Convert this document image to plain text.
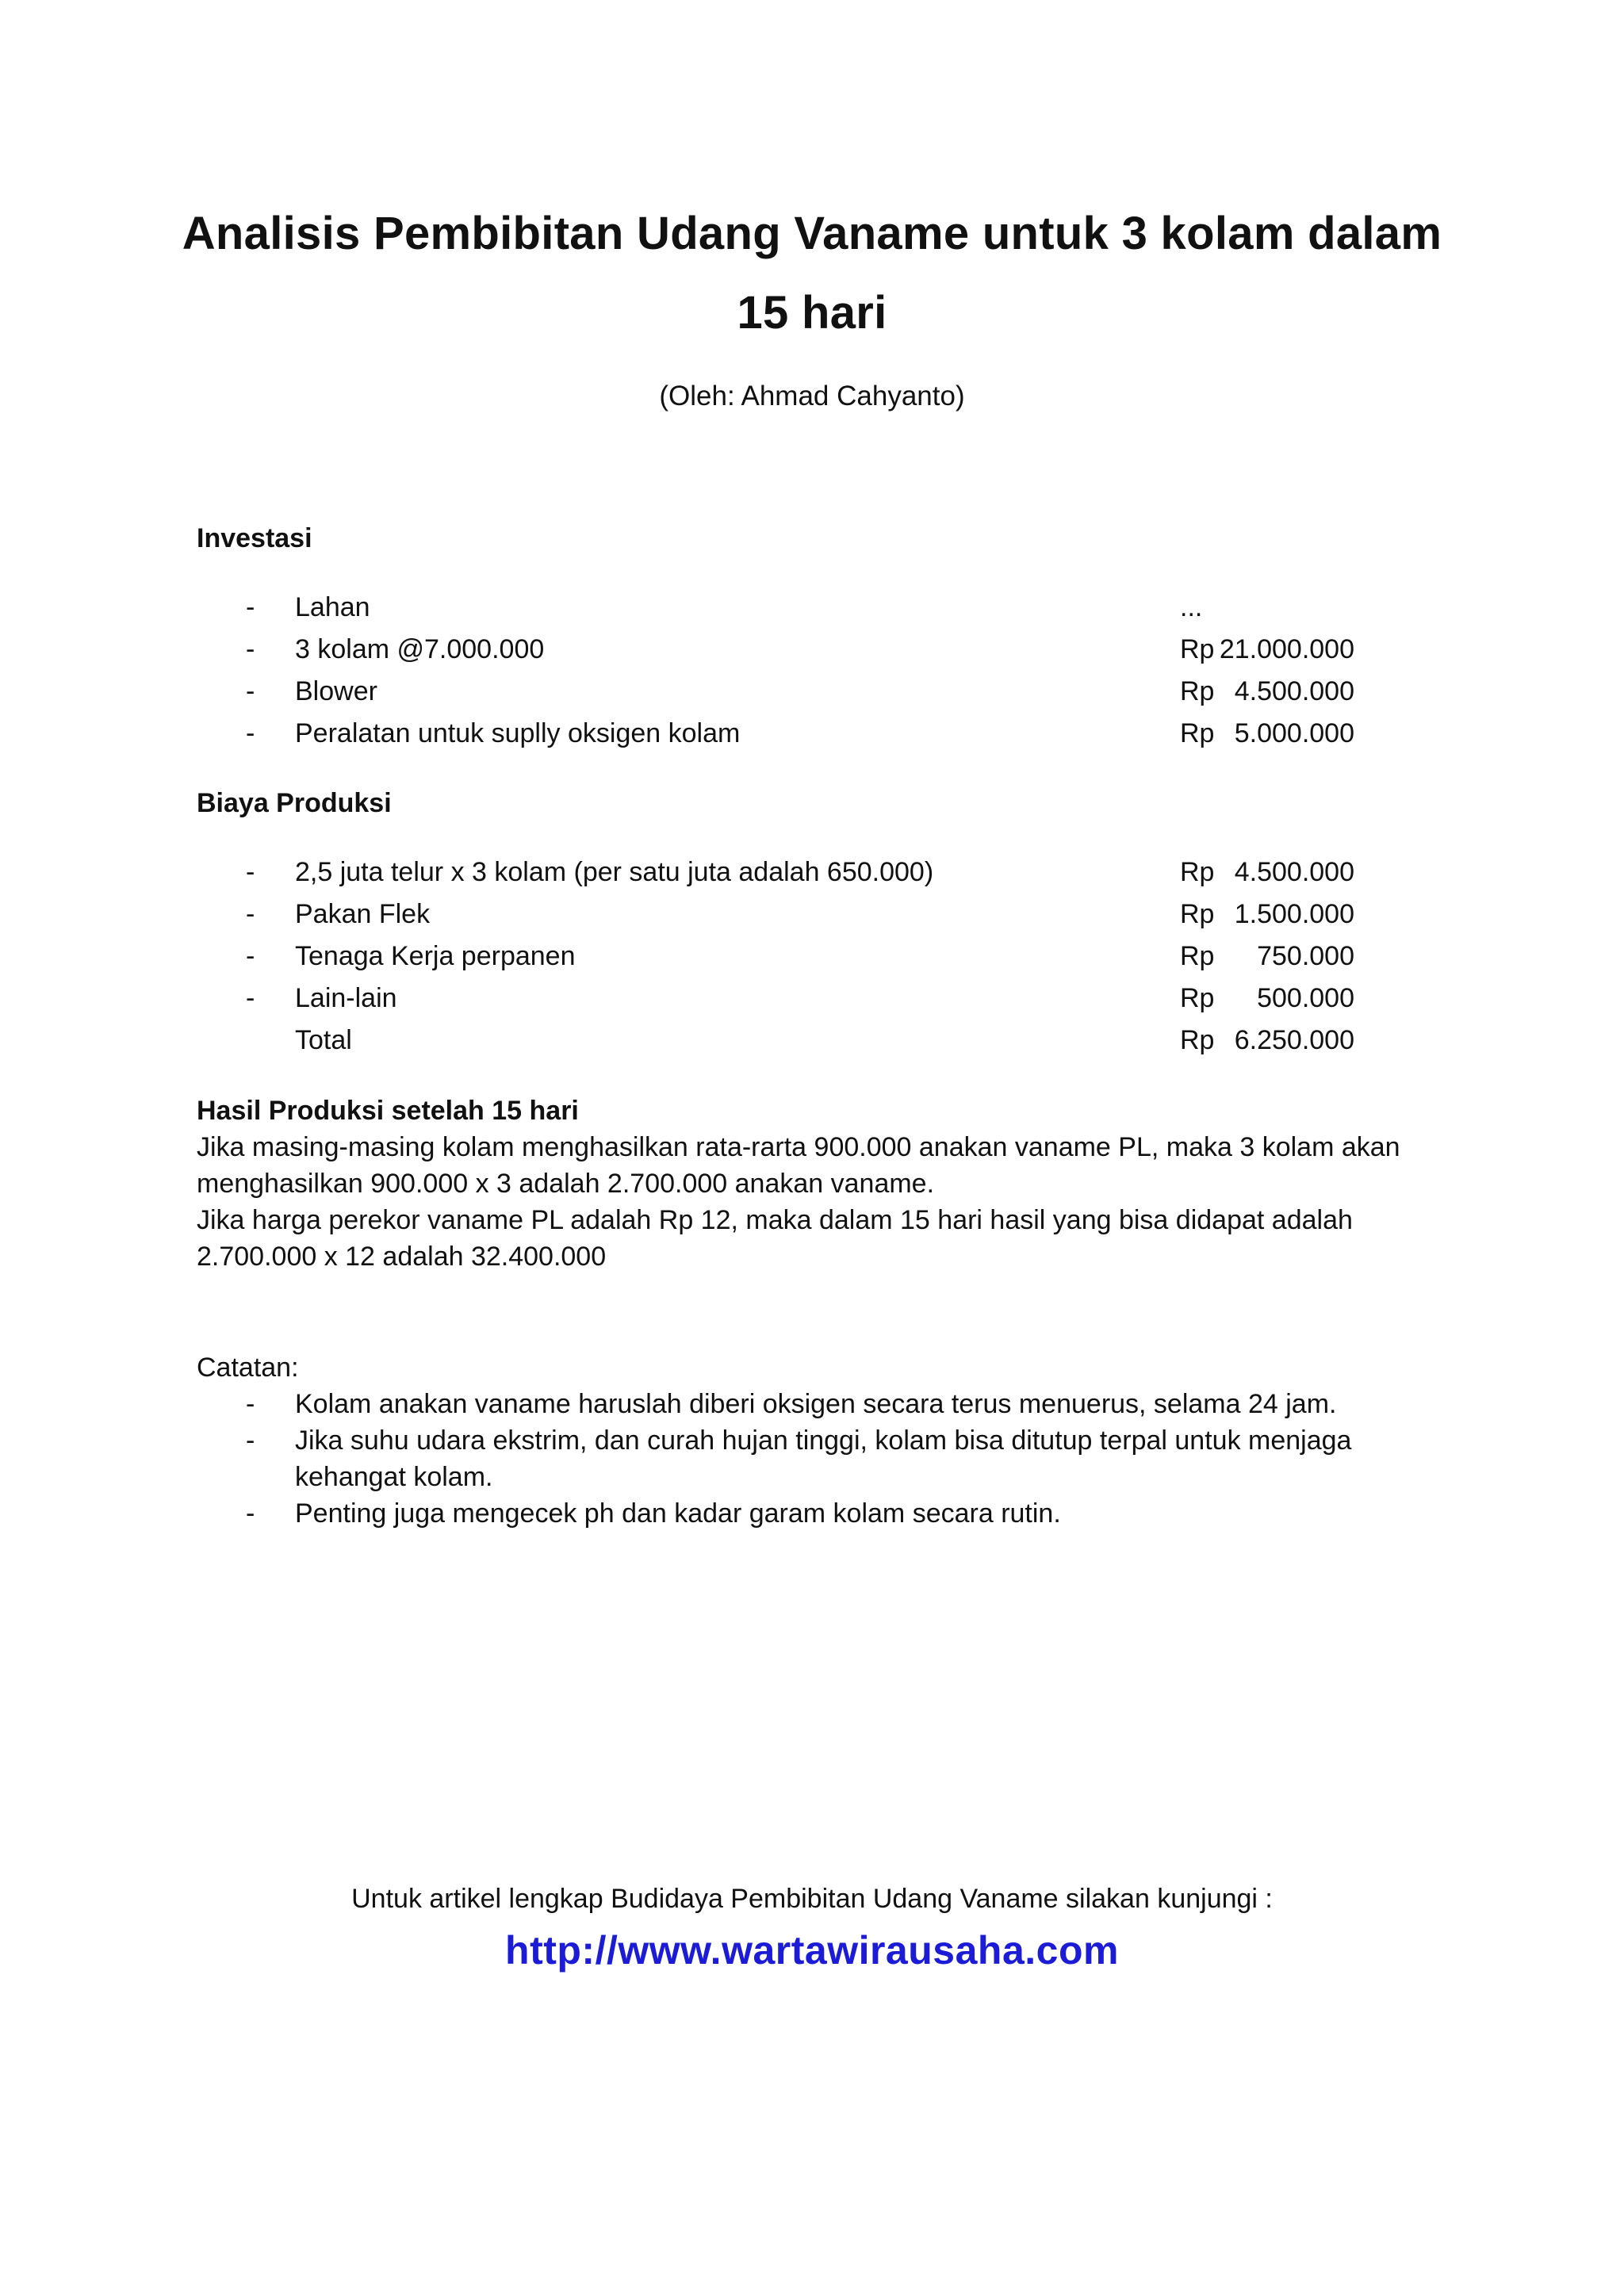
Analisis Pembibitan Udang Vaname untuk 3 kolam dalam 15 hari
(Oleh: Ahmad Cahyanto)
Investasi
- Lahan	...
- 3 kolam @7.000.000	Rp 21.000.000
- Blower	Rp 4.500.000
- Peralatan untuk suplly oksigen kolam	Rp 5.000.000
Biaya Produksi
- 2,5 juta telur x 3 kolam (per satu juta adalah 650.000)	Rp 4.500.000
- Pakan Flek	Rp 1.500.000
- Tenaga Kerja perpanen	Rp 750.000
- Lain-lain	Rp 500.000
Total	Rp 6.250.000
Hasil Produksi setelah 15 hari
Jika masing-masing kolam menghasilkan rata-rarta 900.000 anakan vaname PL, maka 3 kolam akan menghasilkan 900.000 x 3 adalah 2.700.000 anakan vaname.
Jika harga perekor vaname PL adalah Rp 12, maka dalam 15 hari hasil yang bisa didapat adalah 2.700.000 x 12 adalah 32.400.000
Catatan:
- Kolam anakan vaname haruslah diberi oksigen secara terus menuerus, selama 24 jam.
- Jika suhu udara ekstrim, dan curah hujan tinggi, kolam bisa ditutup terpal untuk menjaga kehangat kolam.
- Penting juga mengecek ph dan kadar garam kolam secara rutin.
Untuk artikel lengkap Budidaya Pembibitan Udang Vaname silakan kunjungi :
http://www.wartawirausaha.com
